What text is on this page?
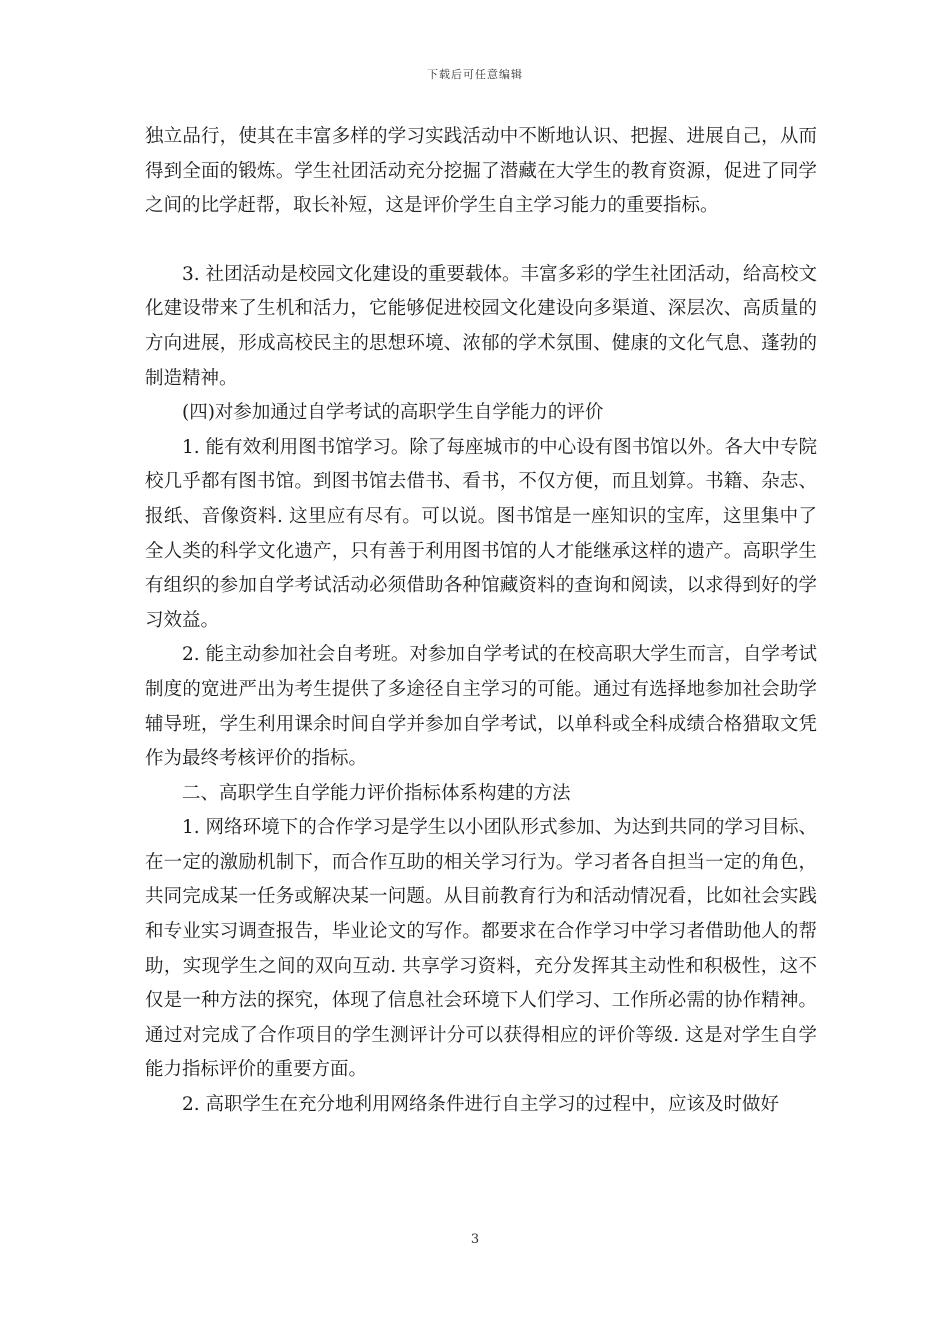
下载后可任意编辑

独立品行，使其在丰富多样的学习实践活动中不断地认识、把握、进展自己，从而得到全面的锻炼。学生社团活动充分挖掘了潜藏在大学生的教育资源，促进了同学之间的比学赶帮，取长补短，这是评价学生自主学习能力的重要指标。

3. 社团活动是校园文化建设的重要载体。丰富多彩的学生社团活动，给高校文化建设带来了生机和活力，它能够促进校园文化建设向多渠道、深层次、高质量的方向进展，形成高校民主的思想环境、浓郁的学术氛围、健康的文化气息、蓬勃的制造精神。

(四)对参加通过自学考试的高职学生自学能力的评价

1. 能有效利用图书馆学习。除了每座城市的中心设有图书馆以外。各大中专院校几乎都有图书馆。到图书馆去借书、看书，不仅方便，而且划算。书籍、杂志、报纸、音像资料. 这里应有尽有。可以说。图书馆是一座知识的宝库，这里集中了全人类的科学文化遗产，只有善于利用图书馆的人才能继承这样的遗产。高职学生有组织的参加自学考试活动必须借助各种馆藏资料的查询和阅读，以求得到好的学习效益。

2. 能主动参加社会自考班。对参加自学考试的在校高职大学生而言，自学考试制度的宽进严出为考生提供了多途径自主学习的可能。通过有选择地参加社会助学辅导班，学生利用课余时间自学并参加自学考试，以单科或全科成绩合格猎取文凭作为最终考核评价的指标。

二、高职学生自学能力评价指标体系构建的方法

1. 网络环境下的合作学习是学生以小团队形式参加、为达到共同的学习目标、在一定的激励机制下，而合作互助的相关学习行为。学习者各自担当一定的角色，共同完成某一任务或解决某一问题。从目前教育行为和活动情况看，比如社会实践和专业实习调查报告，毕业论文的写作。都要求在合作学习中学习者借助他人的帮助，实现学生之间的双向互动. 共享学习资料，充分发挥其主动性和积极性，这不仅是一种方法的探究，体现了信息社会环境下人们学习、工作所必需的协作精神。通过对完成了合作项目的学生测评计分可以获得相应的评价等级. 这是对学生自学能力指标评价的重要方面。

2. 高职学生在充分地利用网络条件进行自主学习的过程中，应该及时做好

3
